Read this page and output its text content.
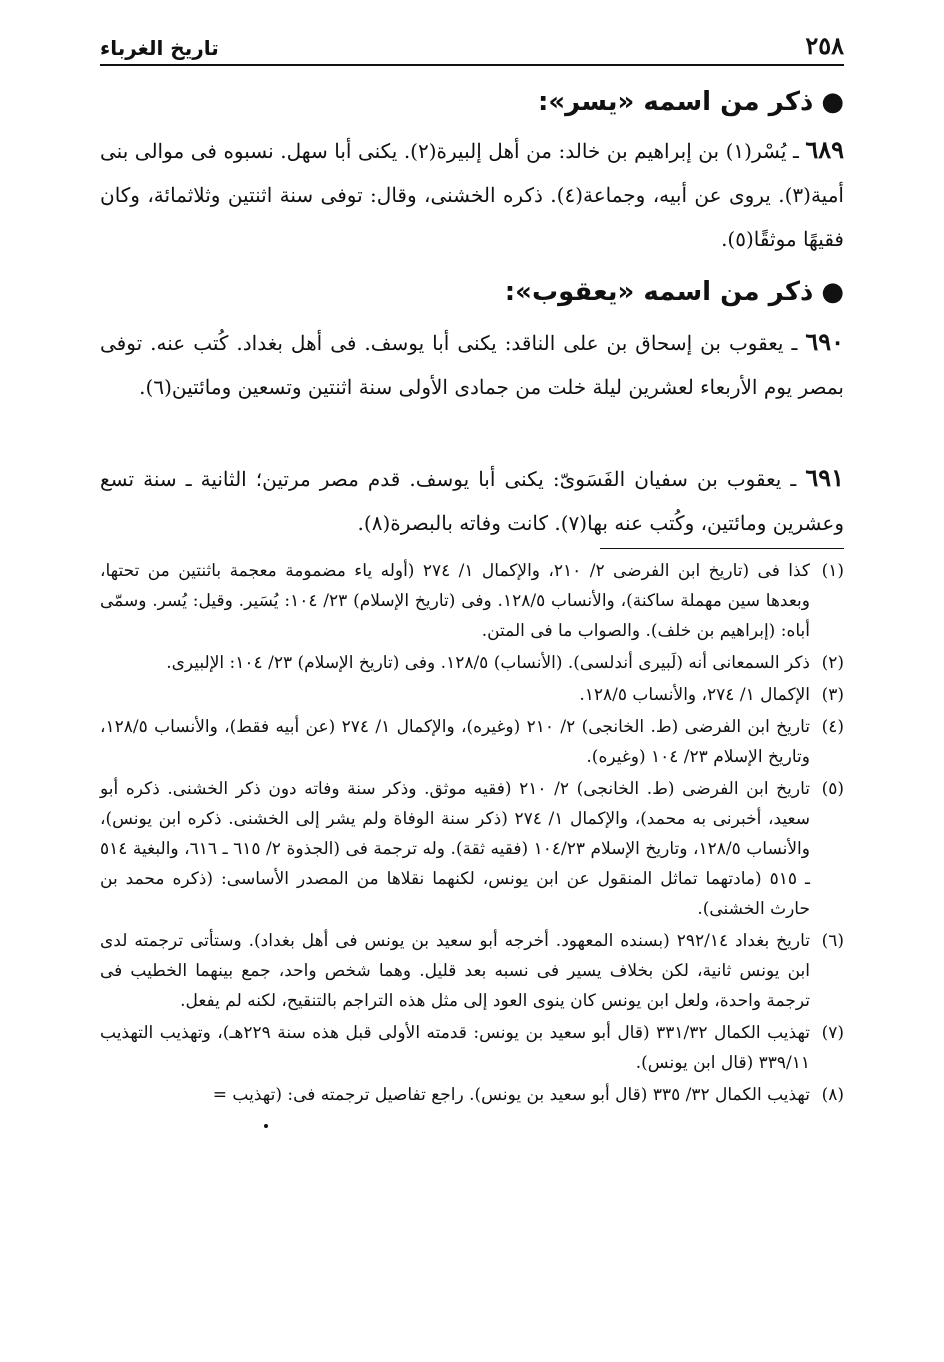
٢٥٨
تاريخ الغرباء
●ذكر من اسمه «يسر»:

٦٨٩ ـ يُسْر(١) بن إبراهيم بن خالد: من أهل إلبيرة(٢). يكنى أبا سهل. نسبوه فى موالى بنى أمية(٣). يروى عن أبيه، وجماعة(٤). ذكره الخشنى، وقال: توفى سنة اثنتين وثلاثمائة، وكان فقيهًا موثقًا(٥).

●ذكر من اسمه «يعقوب»:

٦٩٠ ـ يعقوب بن إسحاق بن على الناقد: يكنى أبا يوسف. فى أهل بغداد. كُتب عنه. توفى بمصر يوم الأربعاء لعشرين ليلة خلت من جمادى الأولى سنة اثنتين وتسعين ومائتين(٦).

٦٩١ ـ يعقوب بن سفيان الفَسَوىّ: يكنى أبا يوسف. قدم مصر مرتين؛ الثانية ـ سنة تسع وعشرين ومائتين، وكُتب عنه بها(٧). كانت وفاته بالبصرة(٨).

(١)
كذا فى (تاريخ ابن الفرضى ٢/ ٢١٠، والإكمال ١/ ٢٧٤ (أوله ياء مضمومة معجمة باثنتين من تحتها، وبعدها سين مهملة ساكنة)، والأنساب ١٢٨/٥. وفى (تاريخ الإسلام) ٢٣/ ١٠٤: يُسَير. وقيل: يُسر. وسمّى أباه: (إبراهيم بن خلف). والصواب ما فى المتن.

(٢)
ذكر السمعانى أنه (لَبيرى أندلسى). (الأنساب) ١٢٨/٥. وفى (تاريخ الإسلام) ٢٣/ ١٠٤: الإلبيرى.

(٣)
الإكمال ١/ ٢٧٤، والأنساب ١٢٨/٥.

(٤)
تاريخ ابن الفرضى (ط. الخانجى) ٢/ ٢١٠ (وغيره)، والإكمال ١/ ٢٧٤ (عن أبيه فقط)، والأنساب ١٢٨/٥، وتاريخ الإسلام ٢٣/ ١٠٤ (وغيره).

(٥)
تاريخ ابن الفرضى (ط. الخانجى) ٢/ ٢١٠ (فقيه موثق. وذكر سنة وفاته دون ذكر الخشنى. ذكره أبو سعيد، أخبرنى به محمد)، والإكمال ١/ ٢٧٤ (ذكر سنة الوفاة ولم يشر إلى الخشنى. ذكره ابن يونس)، والأنساب ١٢٨/٥، وتاريخ الإسلام ١٠٤/٢٣ (فقيه ثقة). وله ترجمة فى (الجذوة ٢/ ٦١٥ ـ ٦١٦، والبغية ٥١٤ ـ ٥١٥ (مادتهما تماثل المنقول عن ابن يونس، لكنهما نقلاها من المصدر الأساسى: (ذكره محمد بن حارث الخشنى).

(٦)
تاريخ بغداد ٢٩٢/١٤ (بسنده المعهود. أخرجه أبو سعيد بن يونس فى أهل بغداد). وستأتى ترجمته لدى ابن يونس ثانية، لكن بخلاف يسير فى نسبه بعد قليل. وهما شخص واحد، جمع بينهما الخطيب فى ترجمة واحدة، ولعل ابن يونس كان ينوى العود إلى مثل هذه التراجم بالتنقيح، لكنه لم يفعل.

(٧)
تهذيب الكمال ٣٣١/٣٢ (قال أبو سعيد بن يونس: قدمته الأولى قبل هذه سنة ٢٢٩هـ)، وتهذيب التهذيب ٣٣٩/١١ (قال ابن يونس).

(٨)
تهذيب الكمال ٣٢/ ٣٣٥ (قال أبو سعيد بن يونس). راجع تفاصيل ترجمته فى: (تهذيب =
